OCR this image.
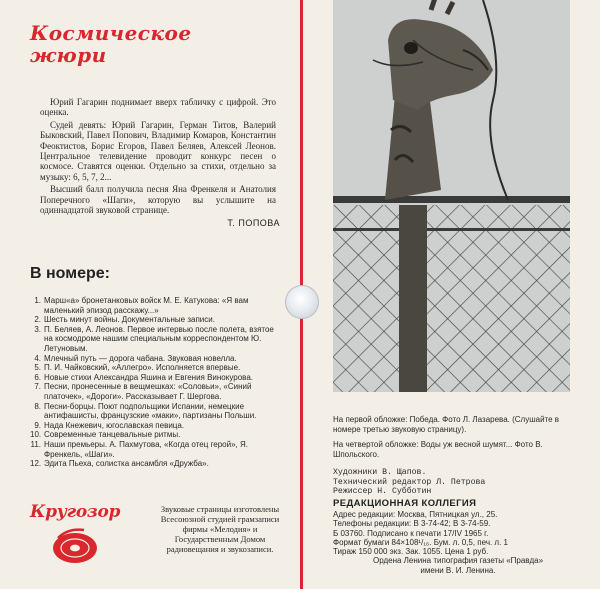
Космическое
жюри

Юрий Гагарин поднимает вверх табличку с цифрой. Это оценка.

Судей девять: Юрий Гагарин, Герман Титов, Валерий Быковский, Павел Попович, Владимир Комаров, Константин Феоктистов, Борис Егоров, Павел Беляев, Алексей Леонов. Центральное телевидение проводит конкурс песен о космосе. Ставятся оценки. Отдельно за стихи, отдельно за музыку: 6, 5, 7, 2...

Высший балл получила песня Яна Френкеля и Анатолия Поперечного «Шаги», которую вы услышите на одиннадцатой звуковой странице.

Т. ПОПОВА
В номере:
1. Марш«а» бронетанковых войск М. Е. Катукова: «Я вам маленький эпизод расскажу...»
2. Шесть минут войны. Документальные записи.
3. П. Беляев, А. Леонов. Первое интервью после полета, взятое на космодроме нашим специальным корреспондентом Ю. Летуновым.
4. Млечный путь — дорога чабана. Звуковая новелла.
5. П. И. Чайковский, «Аллегро». Исполняется впервые.
6. Новые стихи Александра Яшина и Евгения Винокурова.
7. Песни, пронесенные в вещмешках: «Соловьи», «Синий платочек», «Дороги». Рассказывает Г. Шергова.
8. Песни-борцы. Поют подпольщики Испании, немецкие антифашисты, французские «маки», партизаны Польши.
9. Нада Кнежевич, югославская певица.
10. Современные танцевальные ритмы.
11. Наши премьеры. А. Пахмутова, «Когда отец герой», Я. Френкель, «Шаги».
12. Эдита Пьеха, солистка ансамбля «Дружба».
Кругозор	Звуковые страницы изготовлены Всесоюзной студией грамзаписи фирмы «Мелодия» и Государственным Домом радиовещания и звукозаписи.
На первой обложке: Победа. Фото Л. Лазарева. (Слушайте в номере третью звуковую страницу).
На четвертой обложке: Воды уж весной шумят... Фото В. Шпольского.
Художники В. Щапов.
Технический редактор Л. Петрова
Режиссер Н. Субботин
РЕДАКЦИОННАЯ КОЛЛЕГИЯ
Адрес редакции: Москва, Пятницкая ул., 25.
Телефоны редакции: В 3-74-42; В 3-74-59.
Б 03760. Подписано к печати 17/IV 1965 г.
Формат бумаги 84×108¹/₁₆. Бум. л. 0,5, печ. л. 1
Тираж 150 000 экз. Зак. 1055. Цена 1 руб.
Ордена Ленина типография газеты «Правда»
имени В. И. Ленина.
